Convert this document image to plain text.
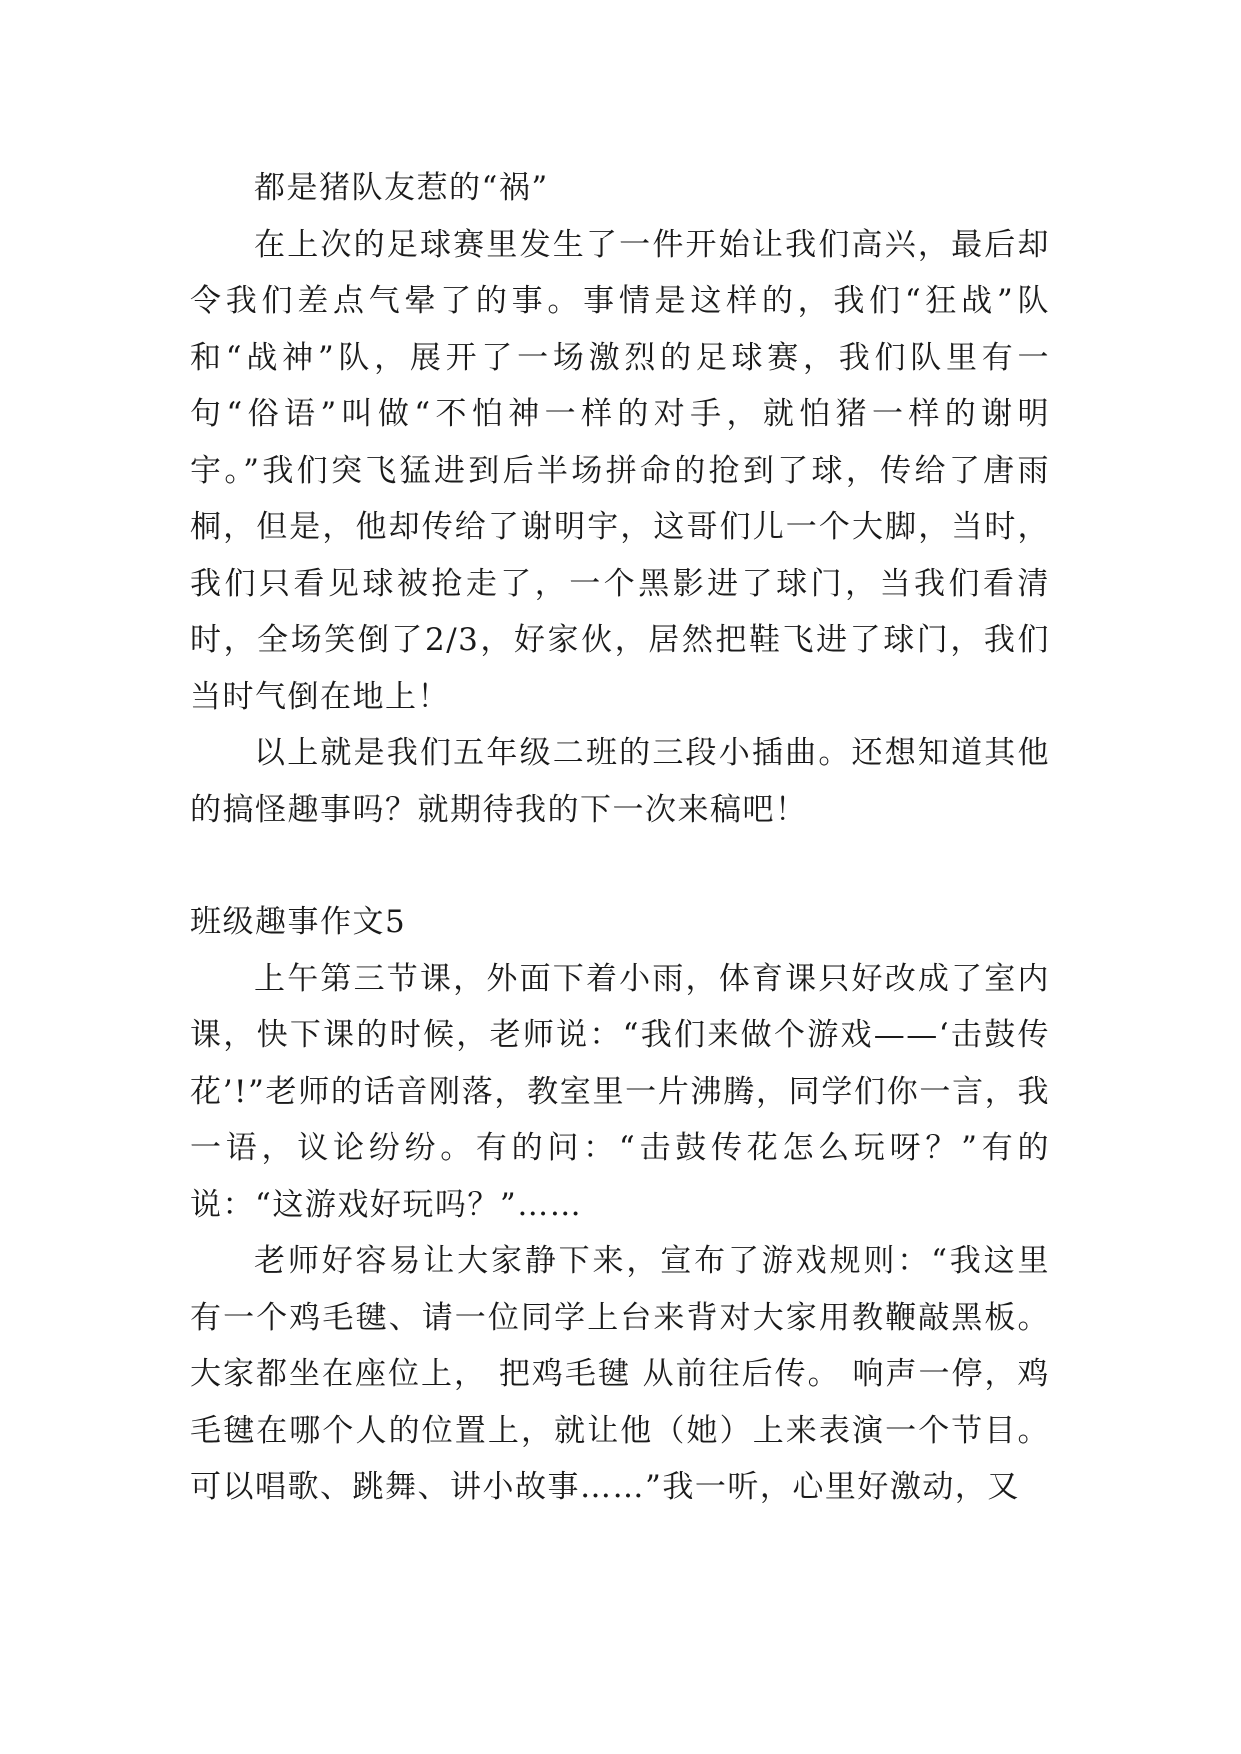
都是猪队友惹的“祸”

在上次的足球赛里发生了一件开始让我们高兴，最后却令我们差点气晕了的事。事情是这样的，我们“狂战”队和“战神”队，展开了一场激烈的足球赛，我们队里有一句“俗语”叫做“不怕神一样的对手，就怕猪一样的谢明宇。”我们突飞猛进到后半场拼命的抢到了球，传给了唐雨桐，但是，他却传给了谢明宇，这哥们儿一个大脚，当时，我们只看见球被抢走了，一个黑影进了球门，当我们看清时，全场笑倒了2/3，好家伙，居然把鞋飞进了球门，我们当时气倒在地上！

以上就是我们五年级二班的三段小插曲。还想知道其他的搞怪趣事吗？就期待我的下一次来稿吧！

班级趣事作文5

上午第三节课，外面下着小雨，体育课只好改成了室内课，快下课的时候，老师说：“我们来做个游戏——‘击鼓传花’!”老师的话音刚落，教室里一片沸腾，同学们你一言，我一语，议论纷纷。有的问：“击鼓传花怎么玩呀？”有的说：“这游戏好玩吗？”……

老师好容易让大家静下来，宣布了游戏规则：“我这里有一个鸡毛毽、请一位同学上台来背对大家用教鞭敲黑板。大家都坐在座位上， 把鸡毛毽 从前往后传。 响声一停，鸡毛毽在哪个人的位置上，就让他（她）上来表演一个节目。可以唱歌、跳舞、讲小故事……”我一听，心里好激动，又
